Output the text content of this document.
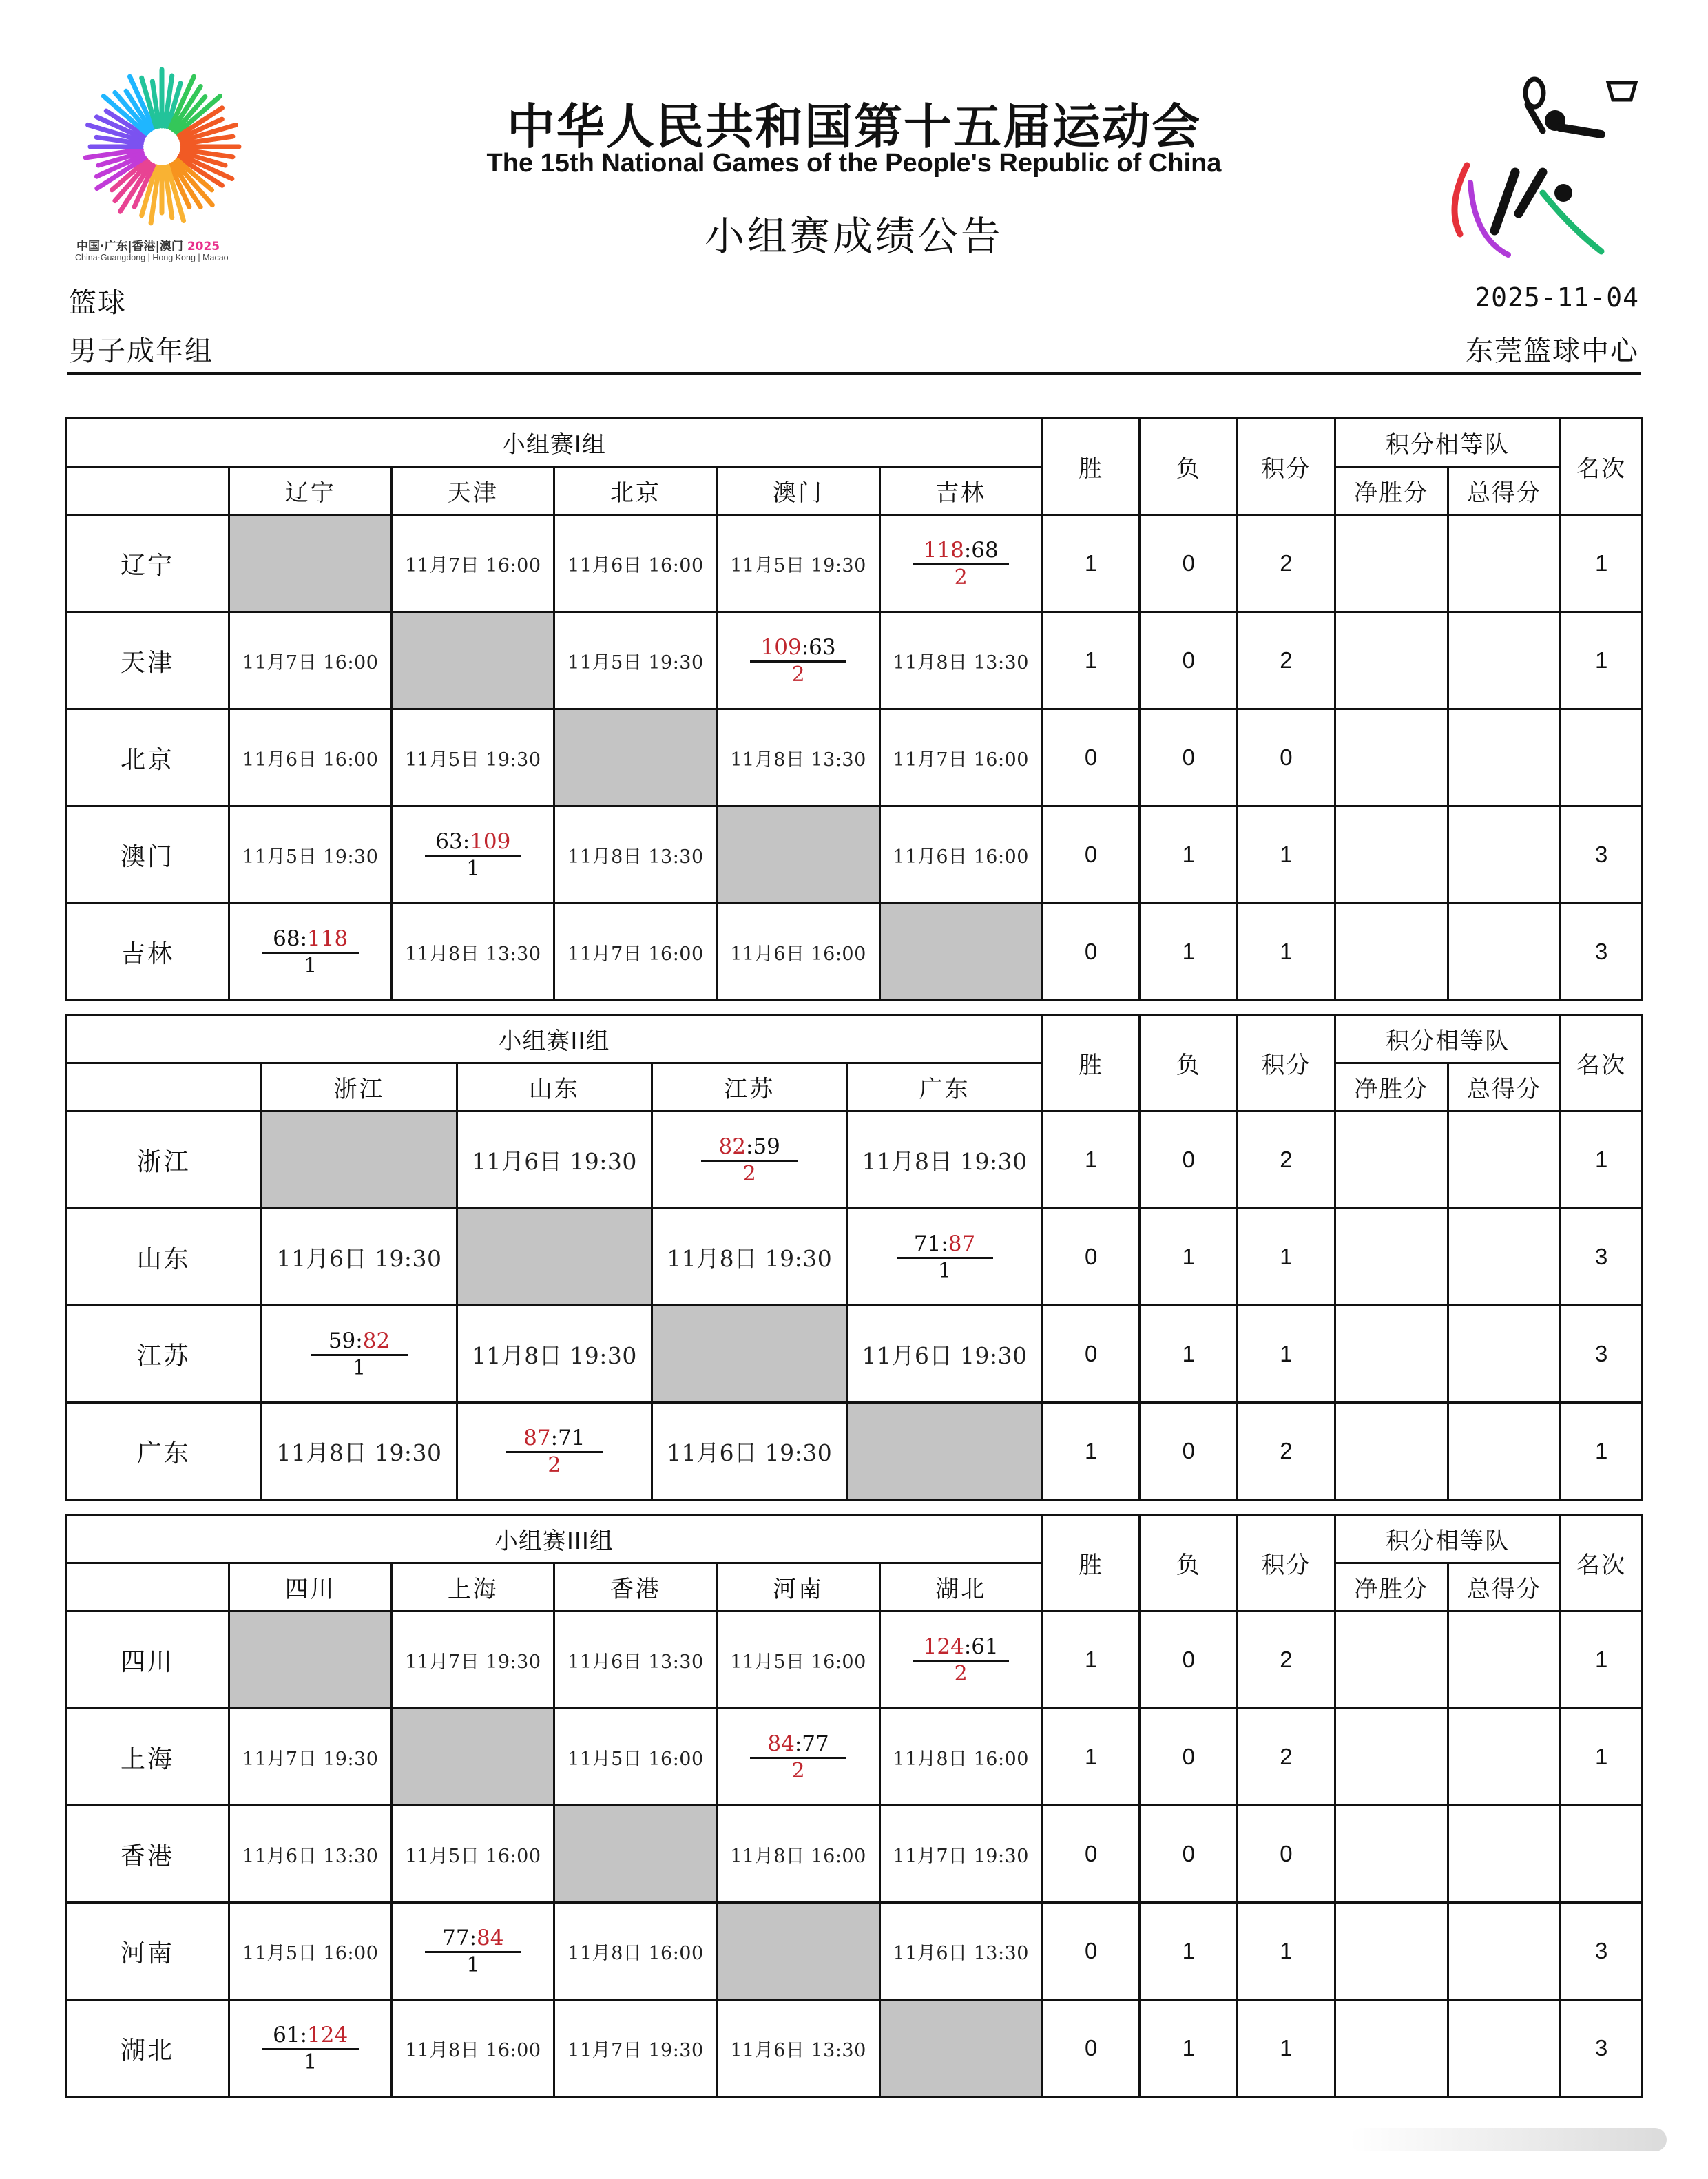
中国·广东|香港|澳门 2025
China·Guangdong | Hong Kong | Macao
中华人民共和国第十五届运动会
The 15th National Games of the People's Republic of China
小组赛成绩公告
篮球
男子成年组
2025-11-04
东莞篮球中心
小组赛I组						胜	负	积分	积分相等队		名次
	辽宁	天津	北京	澳门	吉林				净胜分	总得分	
辽宁		11月7日 16:00	11月6日 16:00	11月5日 19:30	$\frac{118:68}{2}$	1	0	2			1
天津	11月7日 16:00		11月5日 19:30	$\frac{109:63}{2}$	11月8日 13:30	1	0	2			1
北京	11月6日 16:00	11月5日 19:30		11月8日 13:30	11月7日 16:00	0	0	0			
澳门	11月5日 19:30	$\frac{63:109}{1}$	11月8日 13:30		11月6日 16:00	0	1	1			3
吉林	$\frac{68:118}{1}$	11月8日 13:30	11月7日 16:00	11月6日 16:00		0	1	1			3
小组赛II组					胜	负	积分	积分相等队		名次
	浙江	山东	江苏	广东				净胜分	总得分	
浙江		11月6日 19:30	$\frac{82:59}{2}$	11月8日 19:30	1	0	2			1
山东	11月6日 19:30		11月8日 19:30	$\frac{71:87}{1}$	0	1	1			3
江苏	$\frac{59:82}{1}$	11月8日 19:30		11月6日 19:30	0	1	1			3
广东	11月8日 19:30	$\frac{87:71}{2}$	11月6日 19:30		1	0	2			1
小组赛III组						胜	负	积分	积分相等队		名次
	四川	上海	香港	河南	湖北				净胜分	总得分	
四川		11月7日 19:30	11月6日 13:30	11月5日 16:00	$\frac{124:61}{2}$	1	0	2			1
上海	11月7日 19:30		11月5日 16:00	$\frac{84:77}{2}$	11月8日 16:00	1	0	2			1
香港	11月6日 13:30	11月5日 16:00		11月8日 16:00	11月7日 19:30	0	0	0			
河南	11月5日 16:00	$\frac{77:84}{1}$	11月8日 16:00		11月6日 13:30	0	1	1			3
湖北	$\frac{61:124}{1}$	11月8日 16:00	11月7日 19:30	11月6日 13:30		0	1	1			3
